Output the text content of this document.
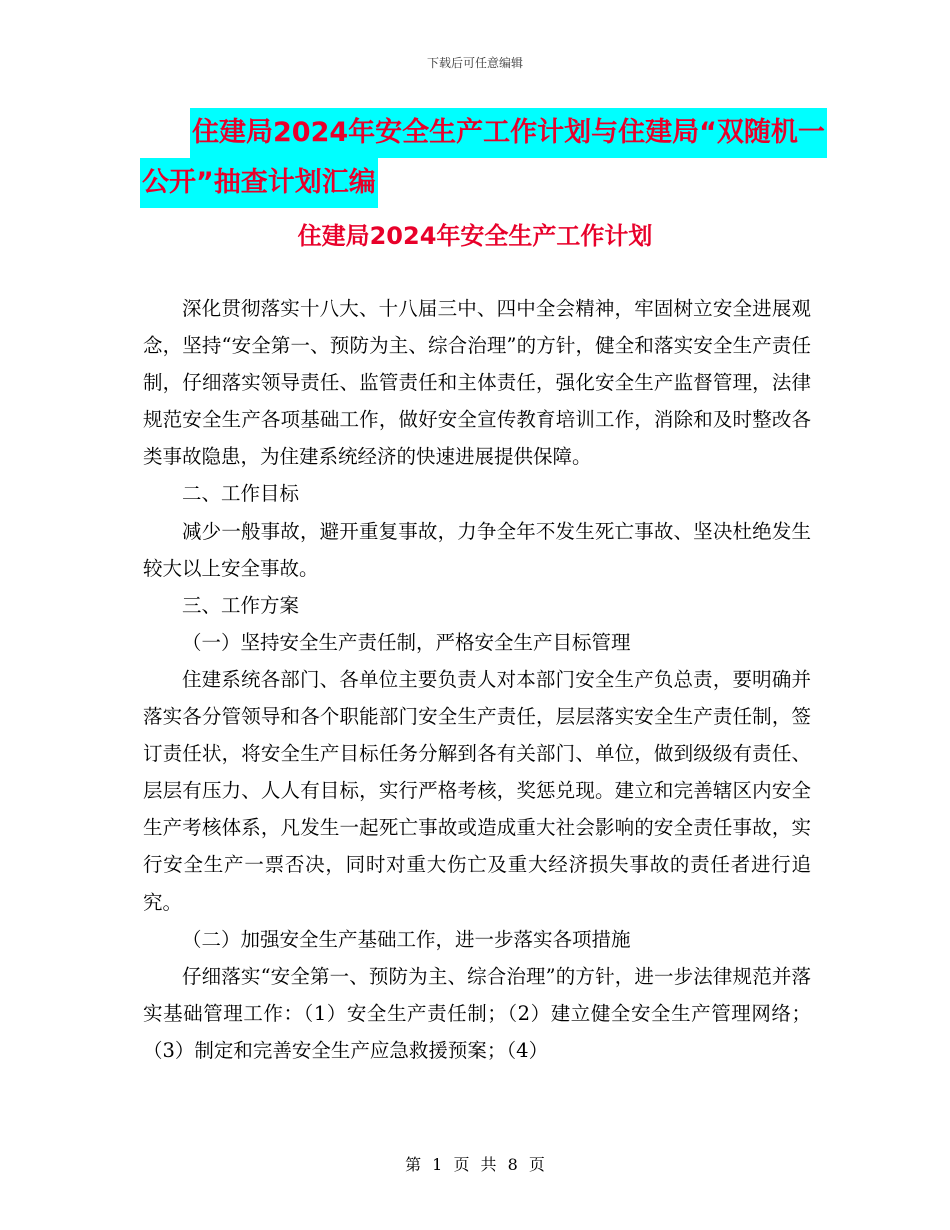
下载后可任意编辑
住建局2024年安全生产工作计划与住建局“双随机一
公开”抽查计划汇编
住建局2024年安全生产工作计划

深化贯彻落实十八大、十八届三中、四中全会精神，牢固树立安全进展观念，坚持“安全第一、预防为主、综合治理”的方针，健全和落实安全生产责任制，仔细落实领导责任、监管责任和主体责任，强化安全生产监督管理，法律规范安全生产各项基础工作，做好安全宣传教育培训工作，消除和及时整改各类事故隐患，为住建系统经济的快速进展提供保障。

二、工作目标

减少一般事故，避开重复事故，力争全年不发生死亡事故、坚决杜绝发生较大以上安全事故。

三、工作方案

（一）坚持安全生产责任制，严格安全生产目标管理

住建系统各部门、各单位主要负责人对本部门安全生产负总责，要明确并落实各分管领导和各个职能部门安全生产责任，层层落实安全生产责任制，签订责任状，将安全生产目标任务分解到各有关部门、单位，做到级级有责任、层层有压力、人人有目标，实行严格考核，奖惩兑现。建立和完善辖区内安全生产考核体系，凡发生一起死亡事故或造成重大社会影响的安全责任事故，实行安全生产一票否决，同时对重大伤亡及重大经济损失事故的责任者进行追究。

（二）加强安全生产基础工作，进一步落实各项措施

仔细落实“安全第一、预防为主、综合治理”的方针，进一步法律规范并落实基础管理工作：（1）安全生产责任制；（2）建立健全安全生产管理网络；（3）制定和完善安全生产应急救援预案；（4）

第 1 页 共 8 页
